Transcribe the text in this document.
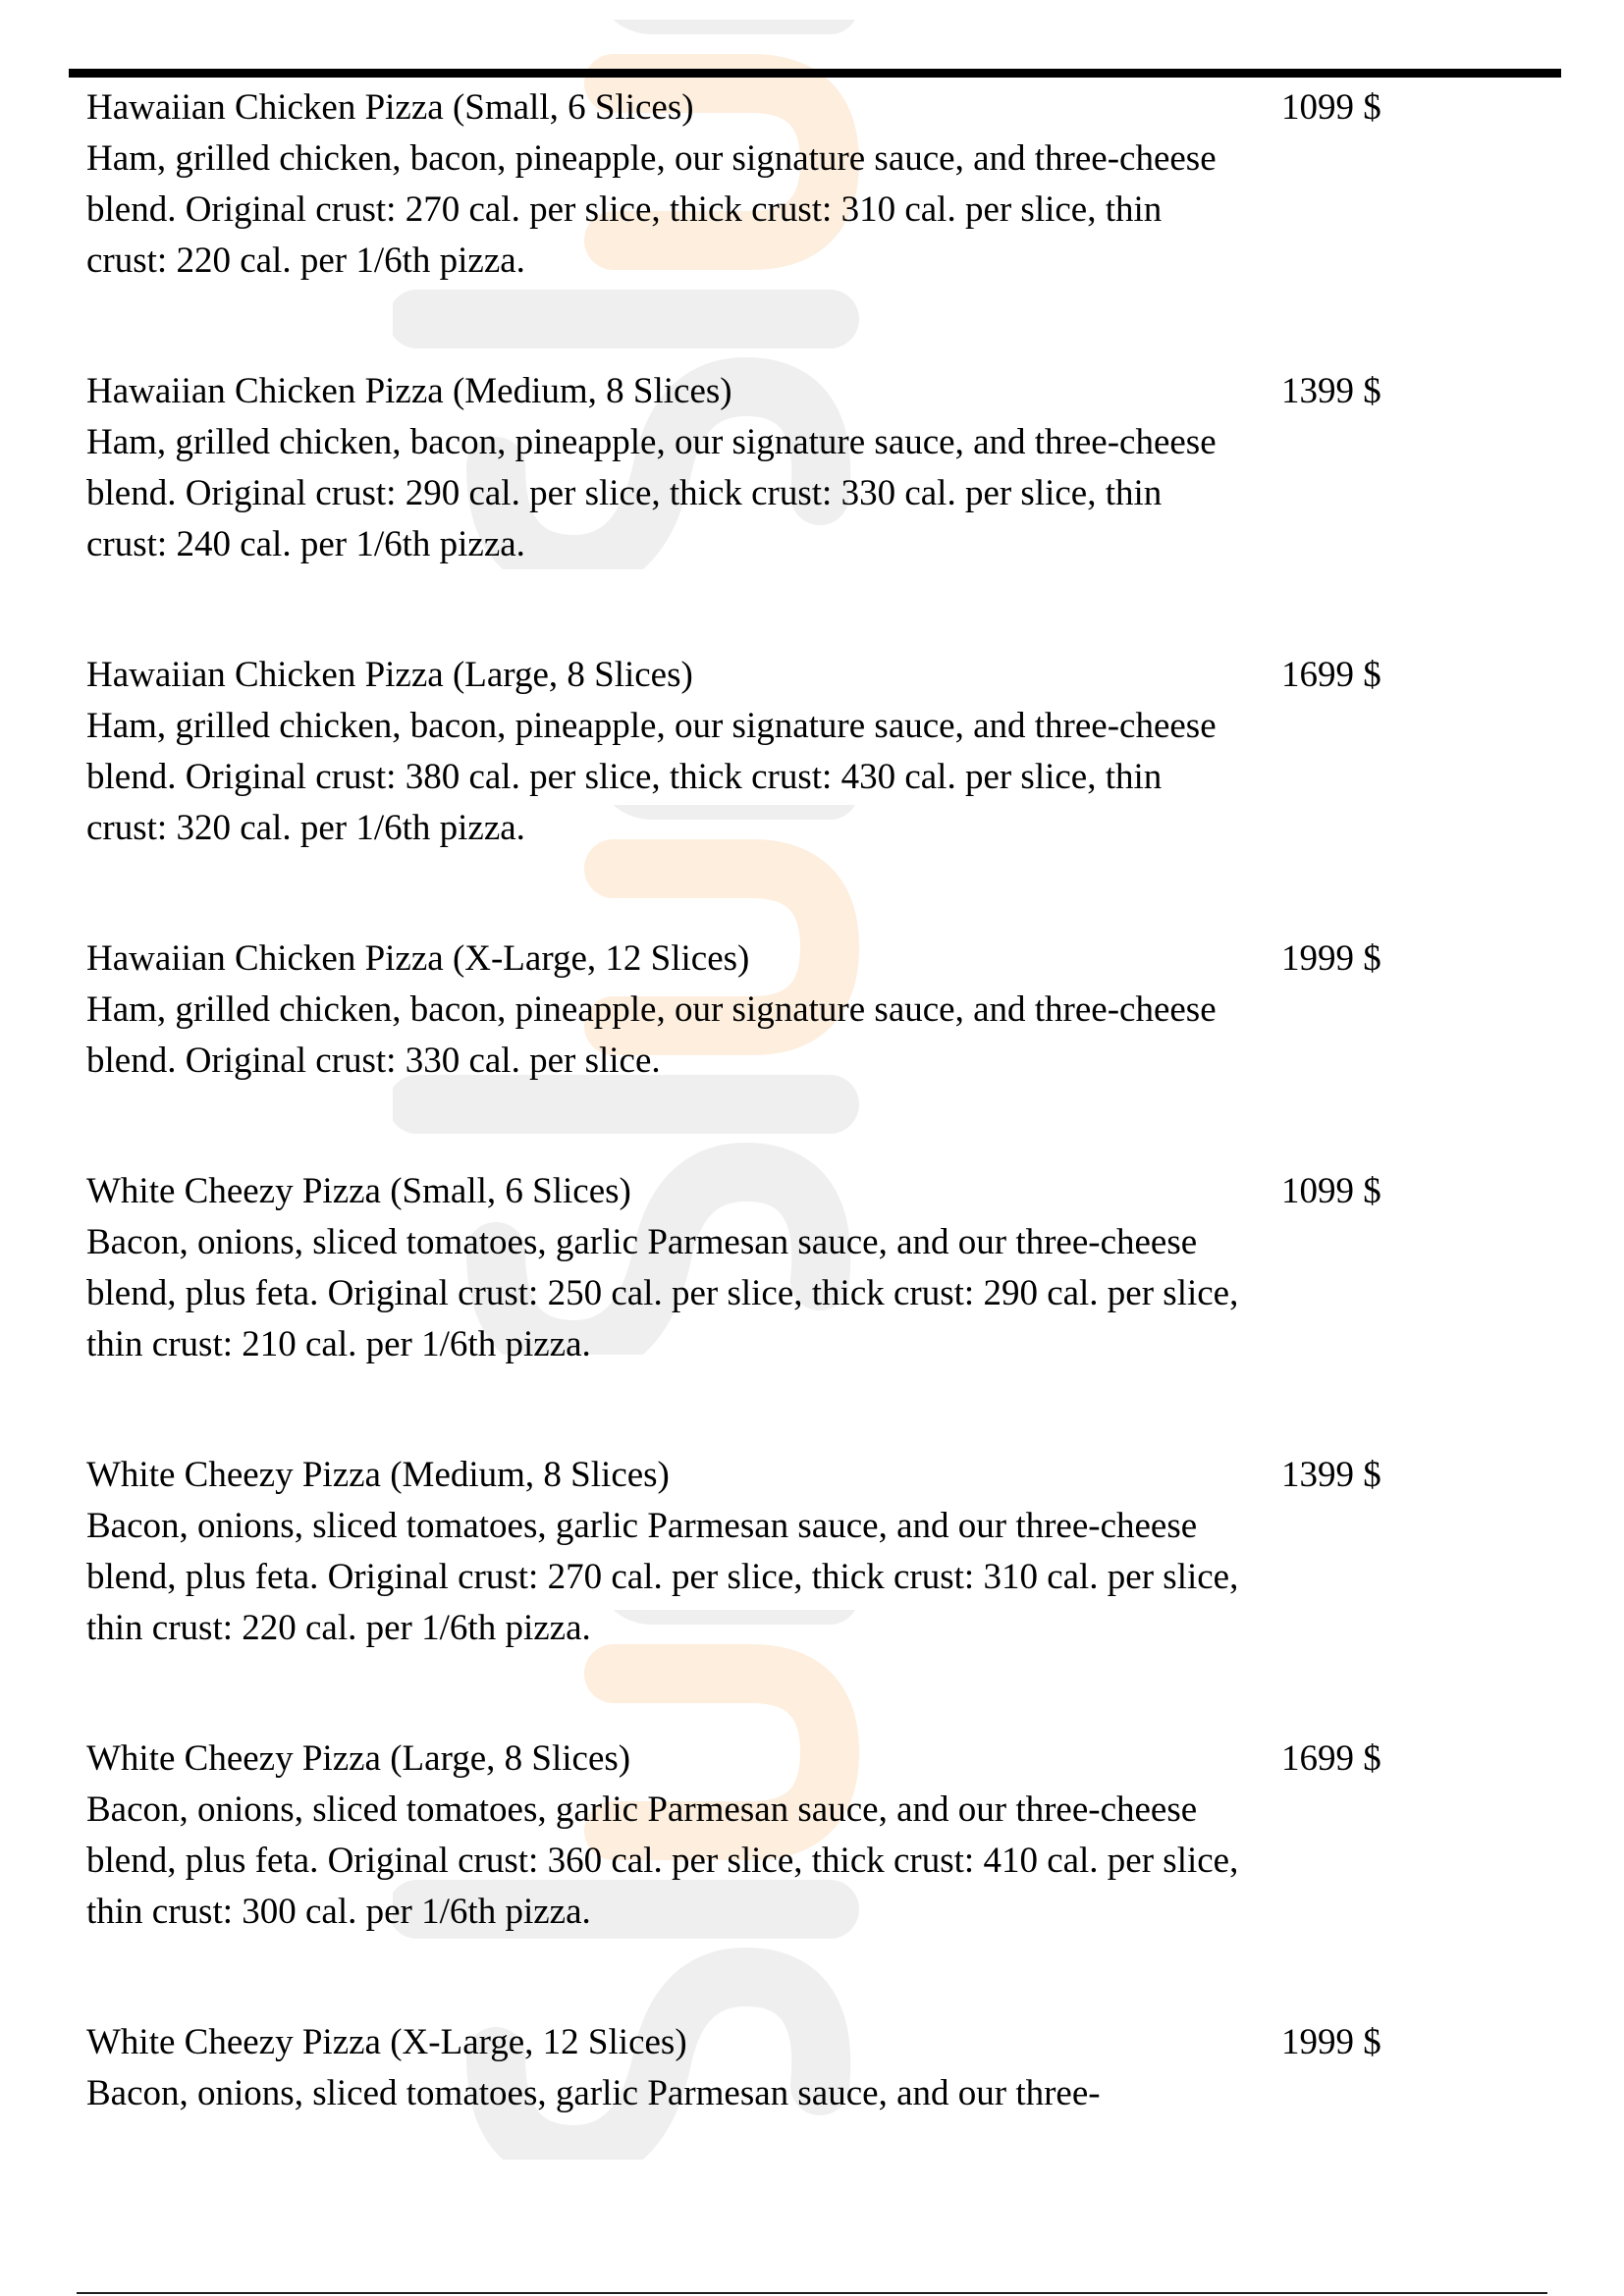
Hawaiian Chicken Pizza (Small, 6 Slices)
Ham, grilled chicken, bacon, pineapple, our signature sauce, and three-cheese blend. Original crust: 270 cal. per slice, thick crust: 310 cal. per slice, thin crust: 220 cal. per 1/6th pizza.
1099 $
Hawaiian Chicken Pizza (Medium, 8 Slices)
Ham, grilled chicken, bacon, pineapple, our signature sauce, and three-cheese blend. Original crust: 290 cal. per slice, thick crust: 330 cal. per slice, thin crust: 240 cal. per 1/6th pizza.
1399 $
Hawaiian Chicken Pizza (Large, 8 Slices)
Ham, grilled chicken, bacon, pineapple, our signature sauce, and three-cheese blend. Original crust: 380 cal. per slice, thick crust: 430 cal. per slice, thin crust: 320 cal. per 1/6th pizza.
1699 $
Hawaiian Chicken Pizza (X-Large, 12 Slices)
Ham, grilled chicken, bacon, pineapple, our signature sauce, and three-cheese blend. Original crust: 330 cal. per slice.
1999 $
White Cheezy Pizza (Small, 6 Slices)
Bacon, onions, sliced tomatoes, garlic Parmesan sauce, and our three-cheese blend, plus feta. Original crust: 250 cal. per slice, thick crust: 290 cal. per slice, thin crust: 210 cal. per 1/6th pizza.
1099 $
White Cheezy Pizza (Medium, 8 Slices)
Bacon, onions, sliced tomatoes, garlic Parmesan sauce, and our three-cheese blend, plus feta. Original crust: 270 cal. per slice, thick crust: 310 cal. per slice, thin crust: 220 cal. per 1/6th pizza.
1399 $
White Cheezy Pizza (Large, 8 Slices)
Bacon, onions, sliced tomatoes, garlic Parmesan sauce, and our three-cheese blend, plus feta. Original crust: 360 cal. per slice, thick crust: 410 cal. per slice, thin crust: 300 cal. per 1/6th pizza.
1699 $
White Cheezy Pizza (X-Large, 12 Slices)
Bacon, onions, sliced tomatoes, garlic Parmesan sauce, and our three-
1999 $
